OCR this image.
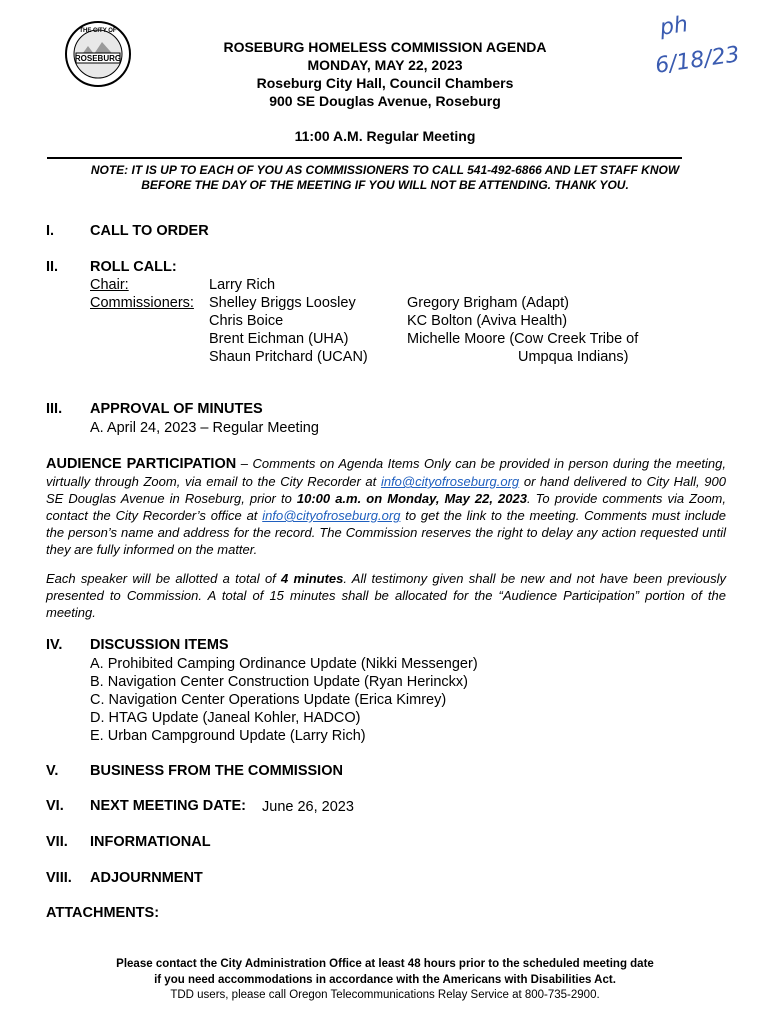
ROSEBURG
THE CITY OF	ph
6/18/23
ROSEBURG HOMELESS COMMISSION AGENDA
MONDAY, MAY 22, 2023
Roseburg City Hall, Council Chambers
900 SE Douglas Avenue, Roseburg
11:00 A.M. Regular Meeting
NOTE: IT IS UP TO EACH OF YOU AS COMMISSIONERS TO CALL 541-492-6866 AND LET STAFF KNOW
BEFORE THE DAY OF THE MEETING IF YOU WILL NOT BE ATTENDING. THANK YOU.
I. CALL TO ORDER
II. ROLL CALL:
Chair:	Larry Rich
Commissioners: Shelley Briggs Loosley
Chris Boice
Brent Eichman (UHA)
Shaun Pritchard (UCAN)
Gregory Brigham (Adapt)
KC Bolton (Aviva Health)
Michelle Moore (Cow Creek Tribe of
Umpqua Indians)
III. APPROVAL OF MINUTES
A. April 24, 2023 – Regular Meeting
AUDIENCE PARTICIPATION – Comments on Agenda Items Only can be provided in person during the meeting, virtually through Zoom, via email to the City Recorder at info@cityofroseburg.org or hand delivered to City Hall, 900 SE Douglas Avenue in Roseburg, prior to 10:00 a.m. on Monday, May 22, 2023. To provide comments via Zoom, contact the City Recorder’s office at info@cityofroseburg.org to get the link to the meeting. Comments must include the person’s name and address for the record. The Commission reserves the right to delay any action requested until they are fully informed on the matter.
Each speaker will be allotted a total of 4 minutes. All testimony given shall be new and not have been previously presented to Commission. A total of 15 minutes shall be allocated for the “Audience Participation” portion of the meeting.
IV. DISCUSSION ITEMS
A. Prohibited Camping Ordinance Update (Nikki Messenger)
B. Navigation Center Construction Update (Ryan Herinckx)
C. Navigation Center Operations Update (Erica Kimrey)
D. HTAG Update (Janeal Kohler, HADCO)
E. Urban Campground Update (Larry Rich)
V. BUSINESS FROM THE COMMISSION
VI. NEXT MEETING DATE: June 26, 2023
VII. INFORMATIONAL
VIII. ADJOURNMENT
ATTACHMENTS:
Please contact the City Administration Office at least 48 hours prior to the scheduled meeting date
if you need accommodations in accordance with the Americans with Disabilities Act.
TDD users, please call Oregon Telecommunications Relay Service at 800-735-2900.
